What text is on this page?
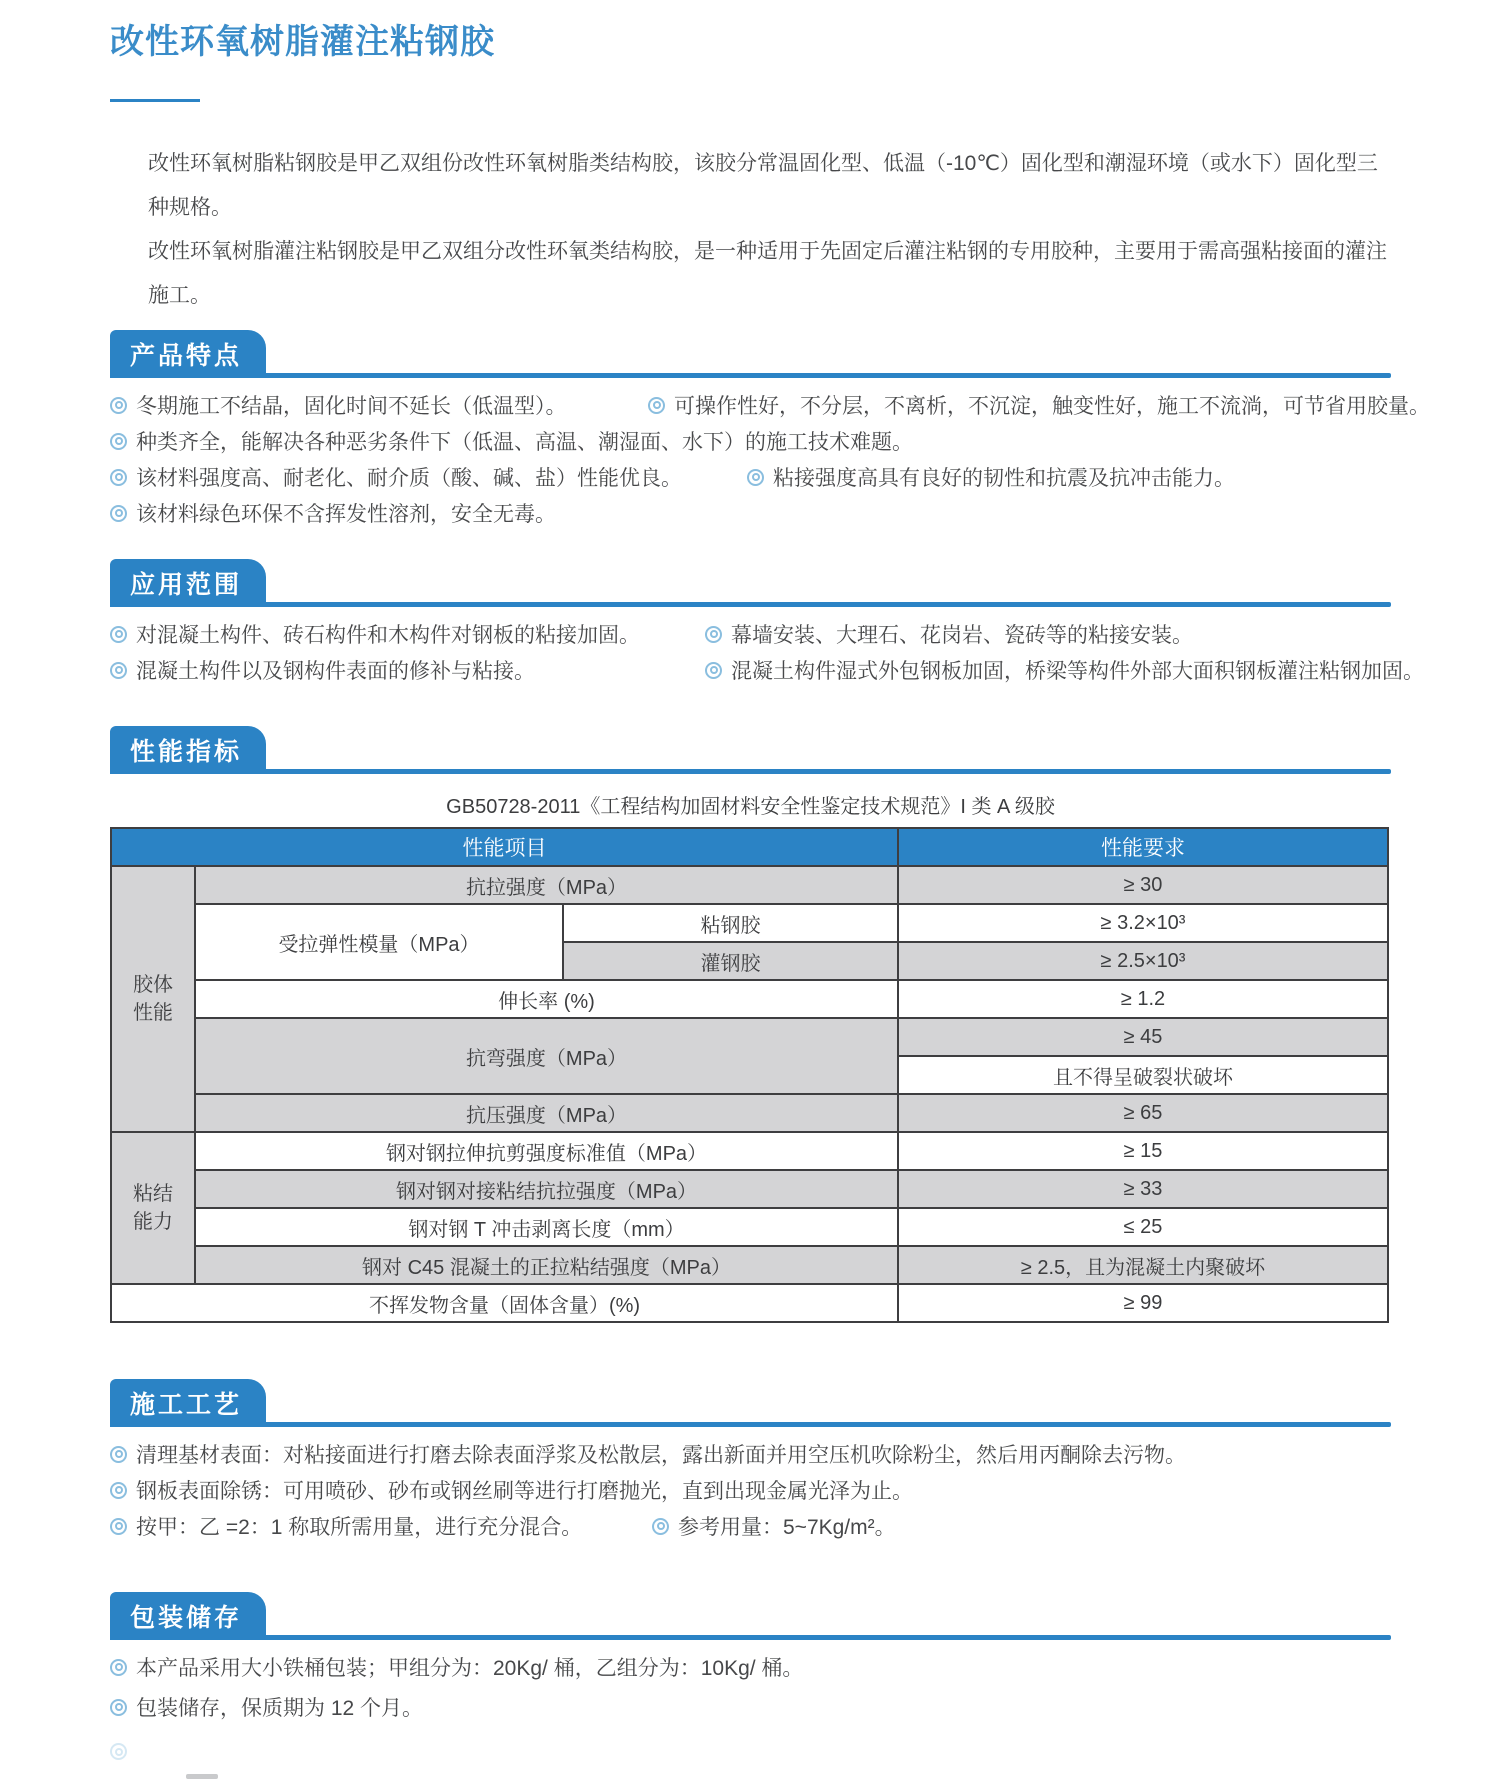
改性环氧树脂灌注粘钢胶

改性环氧树脂粘钢胶是甲乙双组份改性环氧树脂类结构胶，该胶分常温固化型、低温（-10℃）固化型和潮湿环境（或水下）固化型三种规格。

改性环氧树脂灌注粘钢胶是甲乙双组分改性环氧类结构胶，是一种适用于先固定后灌注粘钢的专用胶种，主要用于需高强粘接面的灌注施工。

产品特点
冬期施工不结晶，固化时间不延长（低温型）。	可操作性好，不分层，不离析，不沉淀，触变性好，施工不流淌，可节省用胶量。
种类齐全，能解决各种恶劣条件下（低温、高温、潮湿面、水下）的施工技术难题。
该材料强度高、耐老化、耐介质（酸、碱、盐）性能优良。	粘接强度高具有良好的韧性和抗震及抗冲击能力。
该材料绿色环保不含挥发性溶剂，安全无毒。
应用范围
对混凝土构件、砖石构件和木构件对钢板的粘接加固。	幕墙安装、大理石、花岗岩、瓷砖等的粘接安装。
混凝土构件以及钢构件表面的修补与粘接。	混凝土构件湿式外包钢板加固，桥梁等构件外部大面积钢板灌注粘钢加固。
性能指标
GB50728-2011《工程结构加固材料安全性鉴定技术规范》I 类 A 级胶
性能项目			性能要求
胶体性能	抗拉强度（MPa）		≥ 30
	受拉弹性模量（MPa）	粘钢胶	≥ 3.2×10³
		灌钢胶	≥ 2.5×10³
	伸长率 (%)		≥ 1.2
	抗弯强度（MPa）		≥ 45
			且不得呈破裂状破坏
	抗压强度（MPa）		≥ 65
粘结能力	钢对钢拉伸抗剪强度标准值（MPa）		≥ 15
	钢对钢对接粘结抗拉强度（MPa）		≥ 33
	钢对钢 T 冲击剥离长度（mm）		≤ 25
	钢对 C45 混凝土的正拉粘结强度（MPa）		≥ 2.5，且为混凝土内聚破坏
不挥发物含量（固体含量）(%)			≥ 99
施工工艺
清理基材表面：对粘接面进行打磨去除表面浮浆及松散层，露出新面并用空压机吹除粉尘，然后用丙酮除去污物。
钢板表面除锈：可用喷砂、砂布或钢丝刷等进行打磨抛光，直到出现金属光泽为止。
按甲：乙 =2：1 称取所需用量，进行充分混合。	参考用量：5~7Kg/m²。
包装储存
本产品采用大小铁桶包装；甲组分为：20Kg/ 桶，乙组分为：10Kg/ 桶。
包装储存，保质期为 12 个月。
